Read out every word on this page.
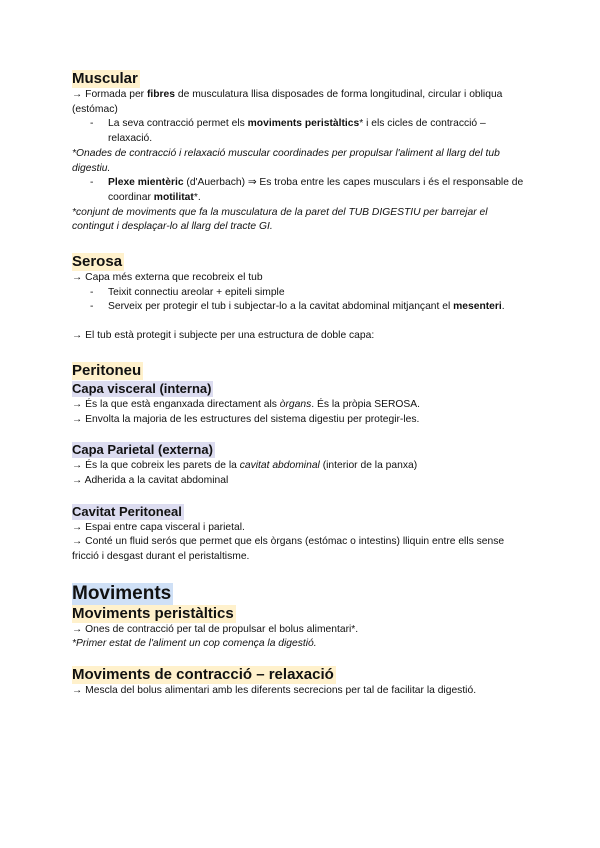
Muscular

→ Formada per fibres de musculatura llisa disposades de forma longitudinal, circular i obliqua (estómac)

- La seva contracció permet els moviments peristàltics* i els cicles de contracció – relaxació.

*Onades de contracció i relaxació muscular coordinades per propulsar l'aliment al llarg del tub digestiu.

- Plexe mientèric (d'Auerbach) ⇒ Es troba entre les capes musculars i és el responsable de coordinar motilitat*.

*conjunt de moviments que fa la musculatura de la paret del TUB DIGESTIU per barrejar el contingut i desplaçar-lo al llarg del tracte GI.

Serosa

→ Capa més externa que recobreix el tub

- Teixit connectiu areolar + epiteli simple

- Serveix per protegir el tub i subjectar-lo a la cavitat abdominal mitjançant el mesenteri.

→ El tub està protegit i subjecte per una estructura de doble capa:

Peritoneu
Capa visceral (interna)

→ És la que està enganxada directament als òrgans. És la pròpia SEROSA.

→ Envolta la majoria de les estructures del sistema digestiu per protegir-les.

Capa Parietal (externa)

→ És la que cobreix les parets de la cavitat abdominal (interior de la panxa)

→ Adherida a la cavitat abdominal

Cavitat Peritoneal

→ Espai entre capa visceral i parietal.

→ Conté un fluid serós que permet que els òrgans (estómac o intestins) lliquin entre ells sense fricció i desgast durant el peristaltisme.

Moviments
Moviments peristàltics

→ Ones de contracció per tal de propulsar el bolus alimentari*.

*Primer estat de l'aliment un cop comença la digestió.

Moviments de contracció – relaxació

→ Mescla del bolus alimentari amb les diferents secrecions per tal de facilitar la digestió.
